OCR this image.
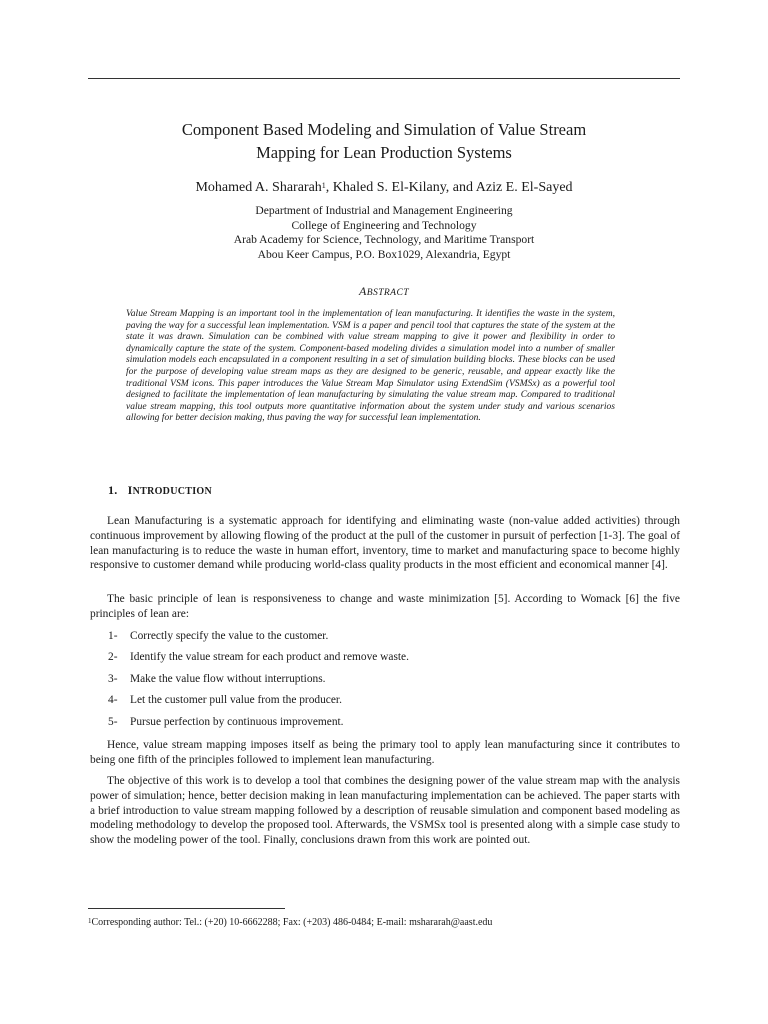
Component Based Modeling and Simulation of Value Stream
Mapping for Lean Production Systems
Mohamed A. Shararah$^1$, Khaled S. El-Kilany, and Aziz E. El-Sayed
Department of Industrial and Management Engineering
College of Engineering and Technology
Arab Academy for Science, Technology, and Maritime Transport
Abou Keer Campus, P.O. Box1029, Alexandria, Egypt
ABSTRACT

Value Stream Mapping is an important tool in the implementation of lean manufacturing. It identifies the waste in the system, paving the way for a successful lean implementation. VSM is a paper and pencil tool that captures the state of the system at the state it was drawn. Simulation can be combined with value stream mapping to give it power and flexibility in order to dynamically capture the state of the system. Component-based modeling divides a simulation model into a number of smaller simulation models each encapsulated in a component resulting in a set of simulation building blocks. These blocks can be used for the purpose of developing value stream maps as they are designed to be generic, reusable, and appear exactly like the traditional VSM icons. This paper introduces the Value Stream Map Simulator using ExtendSim (VSMSx) as a powerful tool designed to facilitate the implementation of lean manufacturing by simulating the value stream map. Compared to traditional value stream mapping, this tool outputs more quantitative information about the system under study and various scenarios allowing for better decision making, thus paving the way for successful lean implementation.

1. INTRODUCTION

Lean Manufacturing is a systematic approach for identifying and eliminating waste (non-value added activities) through continuous improvement by allowing flowing of the product at the pull of the customer in pursuit of perfection [1-3]. The goal of lean manufacturing is to reduce the waste in human effort, inventory, time to market and manufacturing space to become highly responsive to customer demand while producing world-class quality products in the most efficient and economical manner [4].

The basic principle of lean is responsiveness to change and waste minimization [5]. According to Womack [6] the five principles of lean are:

1- Correctly specify the value to the customer.
2- Identify the value stream for each product and remove waste.
3- Make the value flow without interruptions.
4- Let the customer pull value from the producer.
5- Pursue perfection by continuous improvement.

Hence, value stream mapping imposes itself as being the primary tool to apply lean manufacturing since it contributes to being one fifth of the principles followed to implement lean manufacturing.

The objective of this work is to develop a tool that combines the designing power of the value stream map with the analysis power of simulation; hence, better decision making in lean manufacturing implementation can be achieved. The paper starts with a brief introduction to value stream mapping followed by a description of reusable simulation and component based modeling as modeling methodology to develop the proposed tool. Afterwards, the VSMSx tool is presented along with a simple case study to show the modeling power of the tool. Finally, conclusions drawn from this work are pointed out.

$^1$Corresponding author: Tel.: (+20) 10-6662288; Fax: (+203) 486-0484; E-mail: mshararah@aast.edu
